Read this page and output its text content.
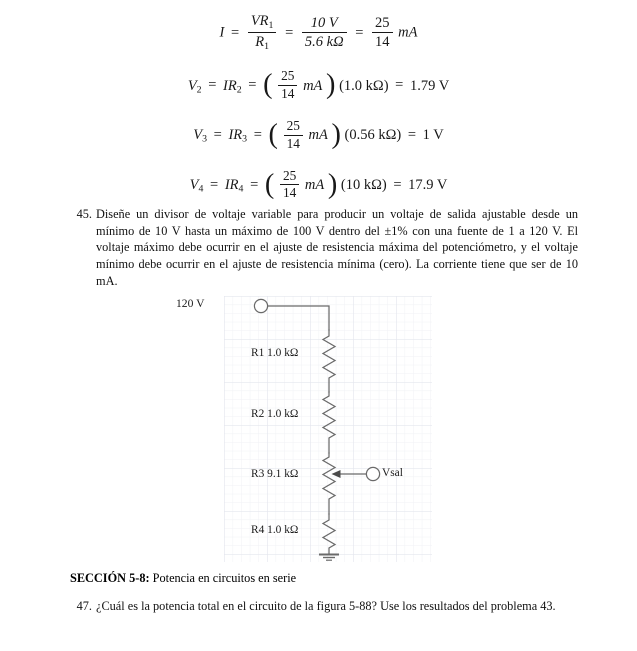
$I = \frac{VR_1}{R_1} = \frac{10 V}{5.6 k\Omega} = \frac{25}{14}$ mA
$V_2 = IR_2$ = ( $\frac{25}{14}$ mA ) (1.0 kΩ) = 1.79 V
$V_3 = IR_3$ = ( $\frac{25}{14}$ mA ) (0.56 kΩ) = 1 V
$V_4 = IR_4$ = ( $\frac{25}{14}$ mA ) (10 kΩ) = 17.9 V
45. Diseñe un divisor de voltaje variable para producir un voltaje de salida ajustable desde un mínimo de 10 V hasta un máximo de 100 V dentro del ±1% con una fuente de 1 a 120 V. El voltaje máximo debe ocurrir en el ajuste de resistencia máxima del potenciómetro, y el voltaje mínimo debe ocurrir en el ajuste de resistencia mínima (cero). La corriente tiene que ser de 10 mA.
120 V
R1 1.0 kΩ
R2 1.0 kΩ
R3 9.1 kΩ
R4 1.0 kΩ
Vsal
SECCIÓN 5-8: Potencia en circuitos en serie
47. ¿Cuál es la potencia total en el circuito de la figura 5-88? Use los resultados del problema 43.
